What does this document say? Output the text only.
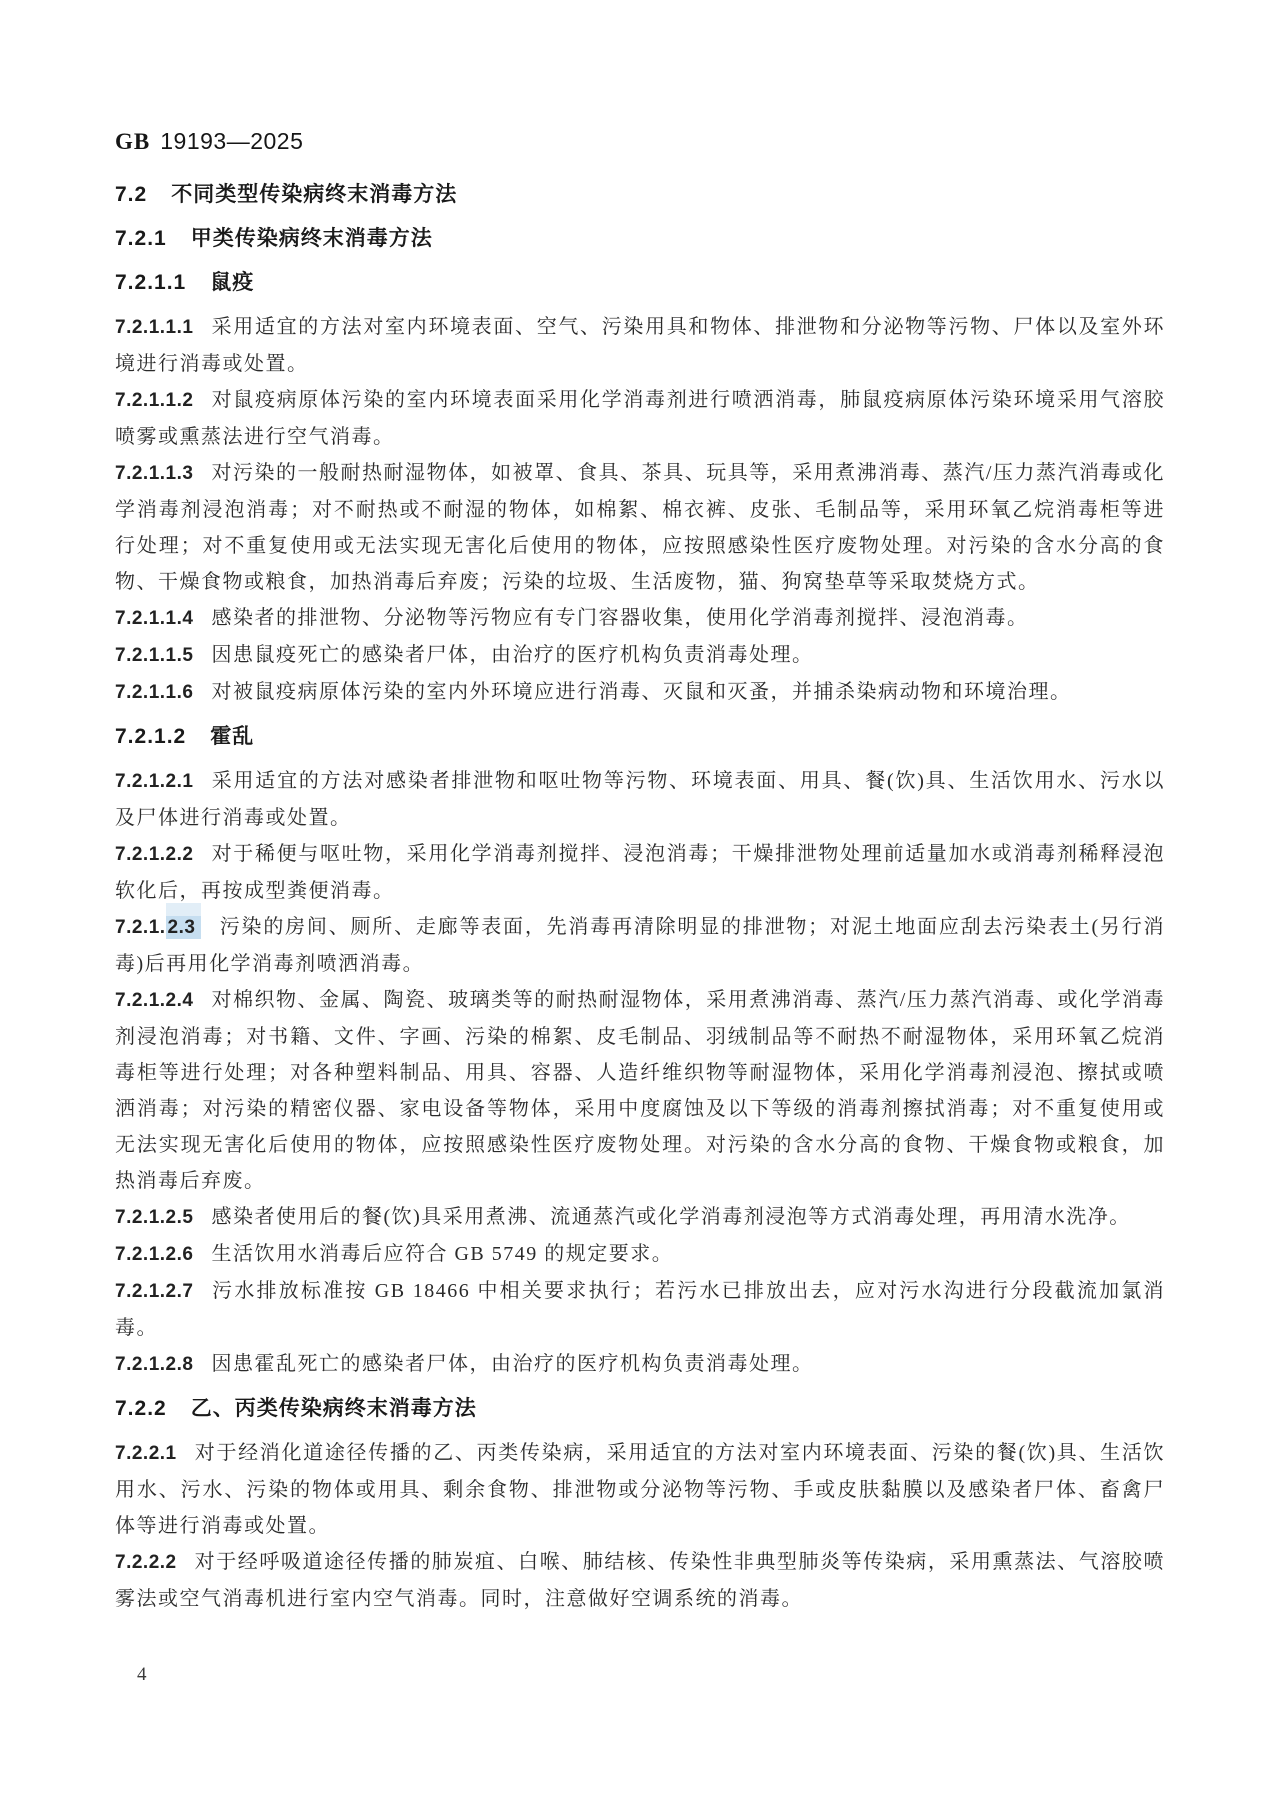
GB 19193—2025
7.2 不同类型传染病终末消毒方法
7.2.1 甲类传染病终末消毒方法
7.2.1.1 鼠疫

7.2.1.1.1 采用适宜的方法对室内环境表面、空气、污染用具和物体、排泄物和分泌物等污物、尸体以及室外环境进行消毒或处置。

7.2.1.1.2 对鼠疫病原体污染的室内环境表面采用化学消毒剂进行喷洒消毒，肺鼠疫病原体污染环境采用气溶胶喷雾或熏蒸法进行空气消毒。

7.2.1.1.3 对污染的一般耐热耐湿物体，如被罩、食具、茶具、玩具等，采用煮沸消毒、蒸汽/压力蒸汽消毒或化学消毒剂浸泡消毒；对不耐热或不耐湿的物体，如棉絮、棉衣裤、皮张、毛制品等，采用环氧乙烷消毒柜等进行处理；对不重复使用或无法实现无害化后使用的物体，应按照感染性医疗废物处理。对污染的含水分高的食物、干燥食物或粮食，加热消毒后弃废；污染的垃圾、生活废物，猫、狗窝垫草等采取焚烧方式。

7.2.1.1.4 感染者的排泄物、分泌物等污物应有专门容器收集，使用化学消毒剂搅拌、浸泡消毒。

7.2.1.1.5 因患鼠疫死亡的感染者尸体，由治疗的医疗机构负责消毒处理。

7.2.1.1.6 对被鼠疫病原体污染的室内外环境应进行消毒、灭鼠和灭蚤，并捕杀染病动物和环境治理。

7.2.1.2 霍乱

7.2.1.2.1 采用适宜的方法对感染者排泄物和呕吐物等污物、环境表面、用具、餐(饮)具、生活饮用水、污水以及尸体进行消毒或处置。

7.2.1.2.2 对于稀便与呕吐物，采用化学消毒剂搅拌、浸泡消毒；干燥排泄物处理前适量加水或消毒剂稀释浸泡软化后，再按成型粪便消毒。

7.2.1. 2.3 污染的房间、厕所、走廊等表面，先消毒再清除明显的排泄物；对泥土地面应刮去污染表土(另行消毒)后再用化学消毒剂喷洒消毒。

7.2.1.2.4 对棉织物、金属、陶瓷、玻璃类等的耐热耐湿物体，采用煮沸消毒、蒸汽/压力蒸汽消毒、或化学消毒剂浸泡消毒；对书籍、文件、字画、污染的棉絮、皮毛制品、羽绒制品等不耐热不耐湿物体，采用环氧乙烷消毒柜等进行处理；对各种塑料制品、用具、容器、人造纤维织物等耐湿物体，采用化学消毒剂浸泡、擦拭或喷洒消毒；对污染的精密仪器、家电设备等物体，采用中度腐蚀及以下等级的消毒剂擦拭消毒；对不重复使用或无法实现无害化后使用的物体，应按照感染性医疗废物处理。对污染的含水分高的食物、干燥食物或粮食，加热消毒后弃废。

7.2.1.2.5 感染者使用后的餐(饮)具采用煮沸、流通蒸汽或化学消毒剂浸泡等方式消毒处理，再用清水洗净。

7.2.1.2.6 生活饮用水消毒后应符合 GB 5749 的规定要求。

7.2.1.2.7 污水排放标准按 GB 18466 中相关要求执行；若污水已排放出去，应对污水沟进行分段截流加氯消毒。

7.2.1.2.8 因患霍乱死亡的感染者尸体，由治疗的医疗机构负责消毒处理。

7.2.2 乙、丙类传染病终末消毒方法

7.2.2.1 对于经消化道途径传播的乙、丙类传染病，采用适宜的方法对室内环境表面、污染的餐(饮)具、生活饮用水、污水、污染的物体或用具、剩余食物、排泄物或分泌物等污物、手或皮肤黏膜以及感染者尸体、畜禽尸体等进行消毒或处置。

7.2.2.2 对于经呼吸道途径传播的肺炭疽、白喉、肺结核、传染性非典型肺炎等传染病，采用熏蒸法、气溶胶喷雾法或空气消毒机进行室内空气消毒。同时，注意做好空调系统的消毒。

4
